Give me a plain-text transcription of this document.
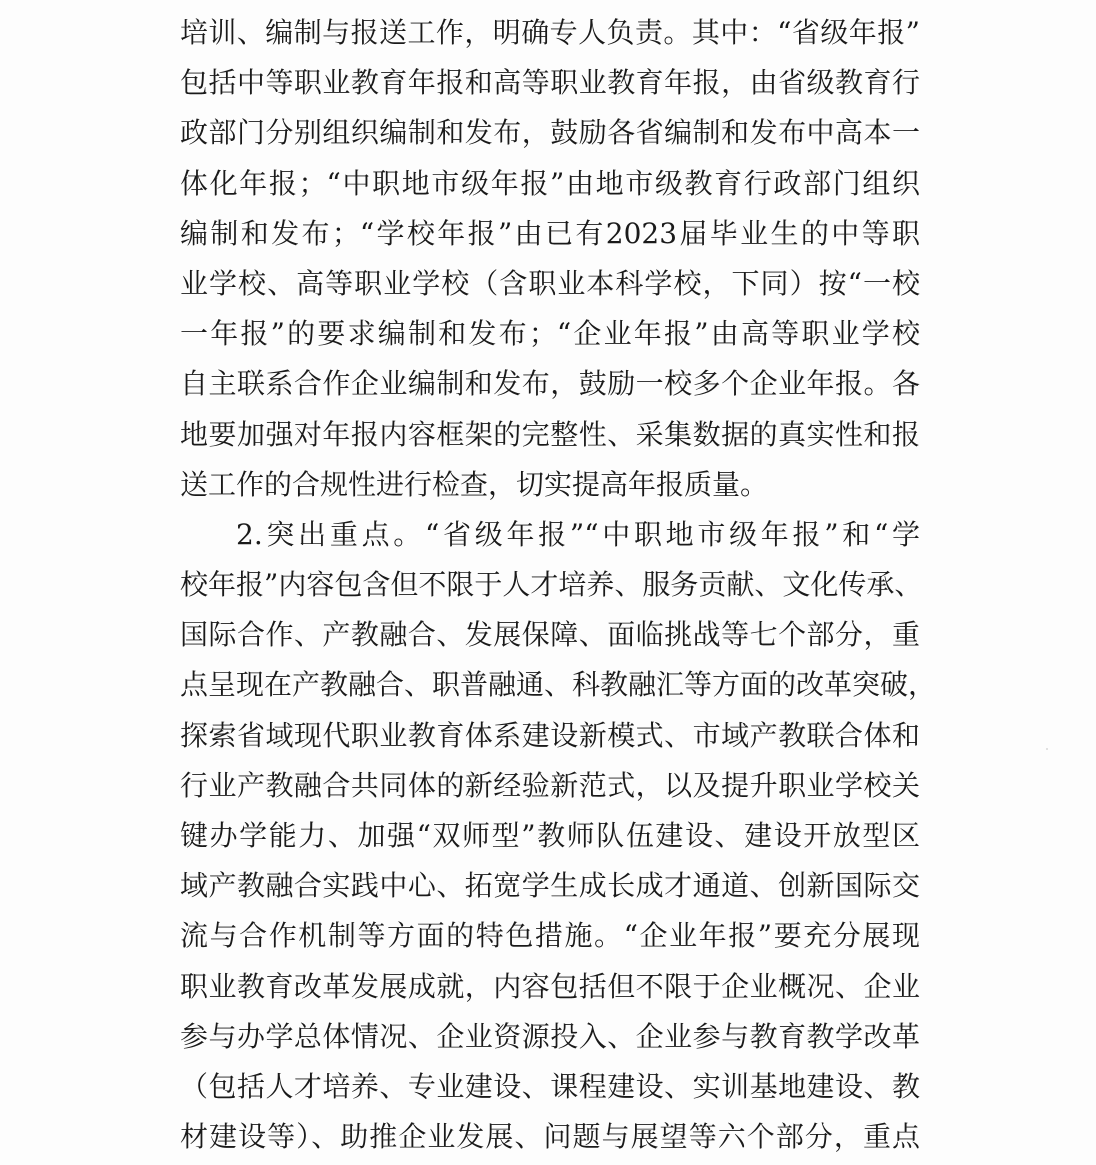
培训、编制与报送工作，明确专人负责。其中：“省级年报”
包括中等职业教育年报和高等职业教育年报，由省级教育行
政部门分别组织编制和发布，鼓励各省编制和发布中高本一
体化年报；“中职地市级年报”由地市级教育行政部门组织
编制和发布；“学校年报”由已有2023届毕业生的中等职
业学校、高等职业学校（含职业本科学校，下同）按“一校
一年报”的要求编制和发布；“企业年报”由高等职业学校
自主联系合作企业编制和发布，鼓励一校多个企业年报。各
地要加强对年报内容框架的完整性、采集数据的真实性和报
送工作的合规性进行检查，切实提高年报质量。
2.突出重点。“省级年报”“中职地市级年报”和“学
校年报”内容包含但不限于人才培养、服务贡献、文化传承、
国际合作、产教融合、发展保障、面临挑战等七个部分，重
点呈现在产教融合、职普融通、科教融汇等方面的改革突破，
探索省域现代职业教育体系建设新模式、市域产教联合体和
行业产教融合共同体的新经验新范式，以及提升职业学校关
键办学能力、加强“双师型”教师队伍建设、建设开放型区
域产教融合实践中心、拓宽学生成长成才通道、创新国际交
流与合作机制等方面的特色措施。“企业年报”要充分展现
职业教育改革发展成就，内容包括但不限于企业概况、企业
参与办学总体情况、企业资源投入、企业参与教育教学改革
（包括人才培养、专业建设、课程建设、实训基地建设、教
材建设等）、助推企业发展、问题与展望等六个部分，重点
